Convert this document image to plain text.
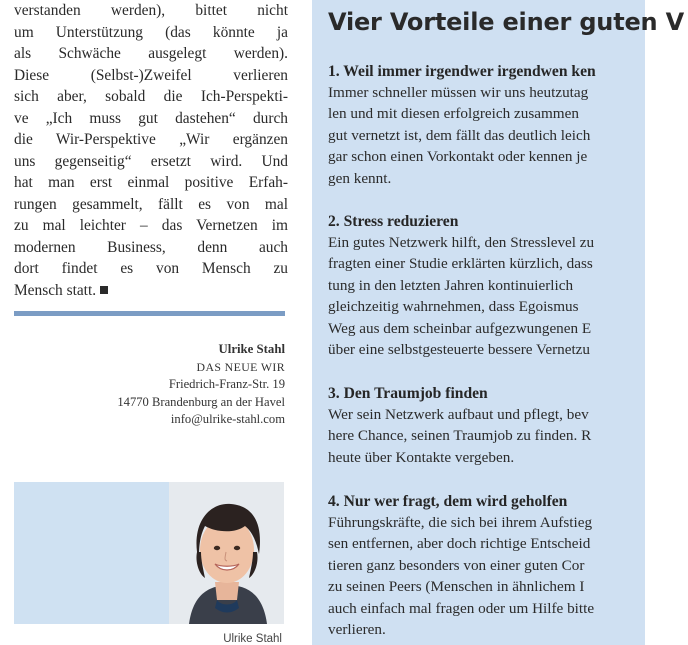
verstanden werden), bittet nicht
um Unterstützung (das könnte ja
als Schwäche ausgelegt werden).
Diese (Selbst-)Zweifel verlieren
sich aber, sobald die Ich-Perspekti-
ve „Ich muss gut dastehen“ durch
die Wir-Perspektive „Wir ergänzen
uns gegenseitig“ ersetzt wird. Und
hat man erst einmal positive Erfah-
rungen gesammelt, fällt es von mal
zu mal leichter – das Vernetzen im
modernen Business, denn auch
dort findet es von Mensch zu
Mensch statt.

Ulrike Stahl
DAS NEUE WIR
Friedrich-Franz-Str. 19
14770 Brandenburg an der Havel
info@ulrike-stahl.com
Ulrike Stahl
Vier Vorteile einer guten V
1. Weil immer irgendwer irgendwen ken
Immer schneller müssen wir uns heutzutag
len und mit diesen erfolgreich zusammen
gut vernetzt ist, dem fällt das deutlich leich
gar schon einen Vorkontakt oder kennen je
gen kennt.
2. Stress reduzieren
Ein gutes Netzwerk hilft, den Stresslevel zu
fragten einer Studie erklärten kürzlich, dass
tung in den letzten Jahren kontinuierlich
gleichzeitig wahrnehmen, dass Egoismus
Weg aus dem scheinbar aufgezwungenen E
über eine selbstgesteuerte bessere Vernetzu
3. Den Traumjob finden
Wer sein Netzwerk aufbaut und pflegt, bev
here Chance, seinen Traumjob zu finden. R
heute über Kontakte vergeben.
4. Nur wer fragt, dem wird geholfen
Führungskräfte, die sich bei ihrem Aufstieg
sen entfernen, aber doch richtige Entscheid
tieren ganz besonders von einer guten Cor
zu seinen Peers (Menschen in ähnlichem I
auch einfach mal fragen oder um Hilfe bitte
verlieren.
